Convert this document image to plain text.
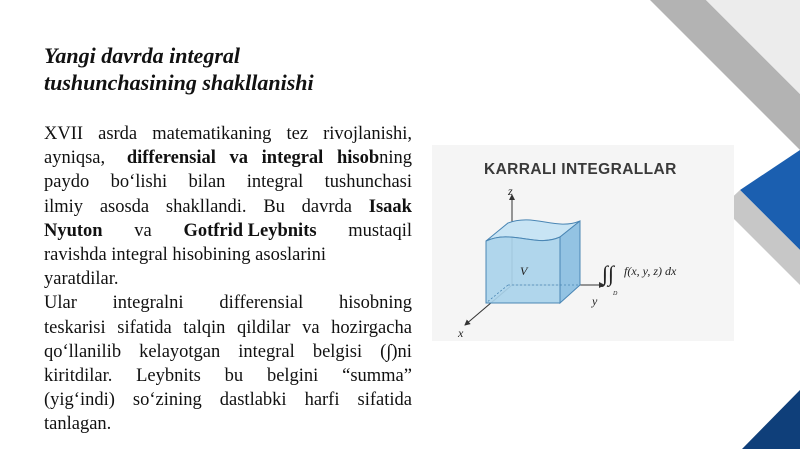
Yangi davrda integral
tushunchasining shakllanishi
XVII asrda matematikaning tez rivojlanishi,
ayniqsa, differensial va integral hisobning
paydo bo‘lishi bilan integral tushunchasi
ilmiy asosda shakllandi. Bu davrda Isaak
Nyuton va Gotfrid Leybnits mustaqil
ravishda integral hisobining asoslarini
yaratdilar.
Ular integralni differensial hisobning
teskarisi sifatida talqin qildilar va hozirgacha
qo‘llanilib kelayotgan integral belgisi (∫)ni
kiritdilar. Leybnits bu belgini “summa”
(yig‘indi) so‘zining dastlabki harfi sifatida
tanlagan.
KARRALI INTEGRALLAR
z
y
x
V	∫∫
D
f(x, y, z) dx
